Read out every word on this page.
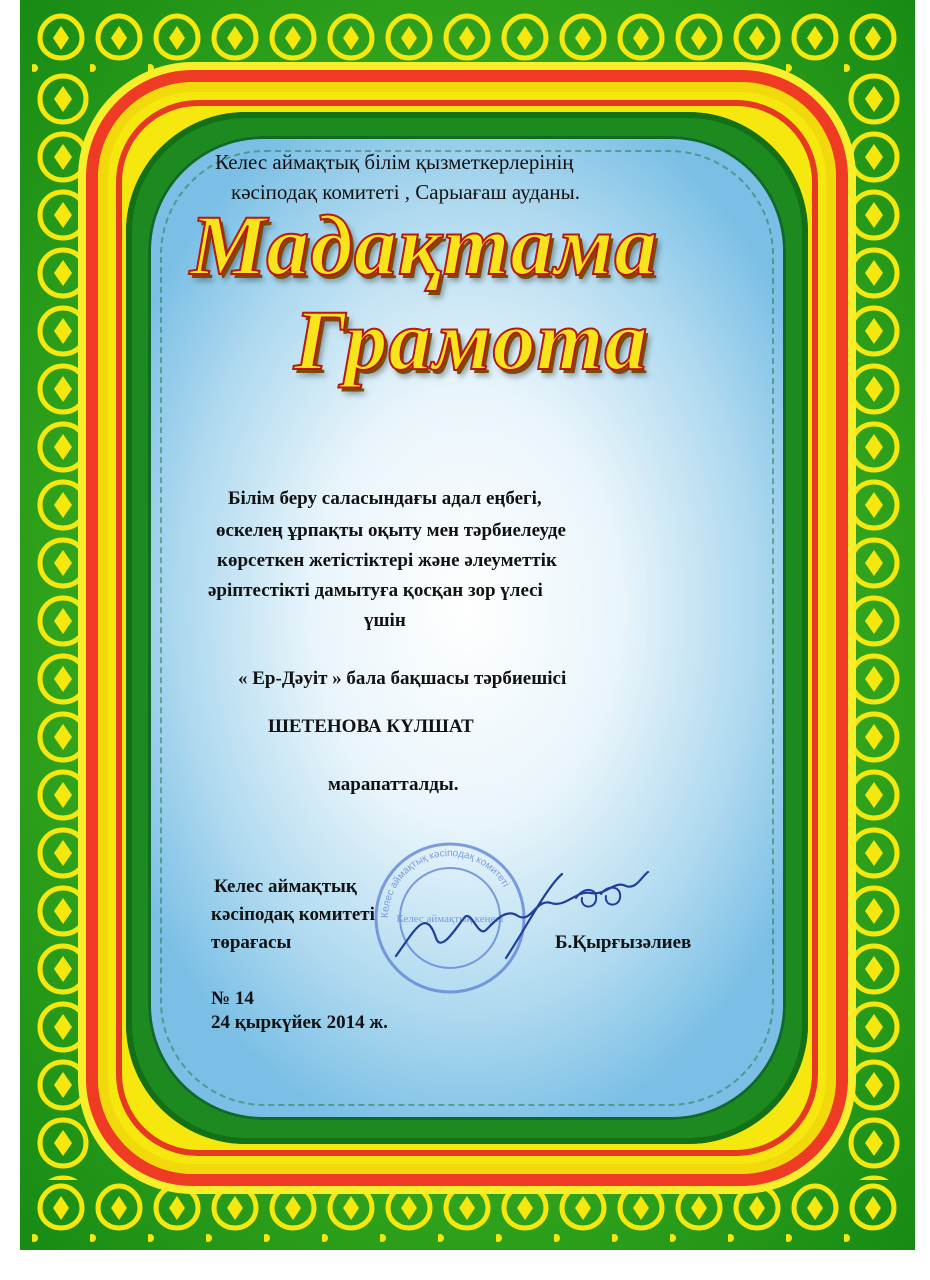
Келес аймақтық білім қызметкерлерінің
кәсіподақ комитеті , Сарыағаш ауданы.
Мадақтама
Грамота
Білім беру саласындағы адал еңбегі,
өскелең ұрпақты оқыту мен тәрбиелеуде
көрсеткен жетістіктері және әлеуметтік
әріптестікті дамытуға қосқан зор үлесі
үшін
« Ер-Дәуіт » бала бақшасы тәрбиешісі
ШЕТЕНОВА КҮЛШАТ
марапатталды.
Келес аймақтық кәсіподақ комитеті
Келес аймақтық кеңесі
Келес аймақтық
кәсіподақ комитеті
төрағасы	Б.Қырғызәлиев
№ 14
24 қыркүйек 2014 ж.
